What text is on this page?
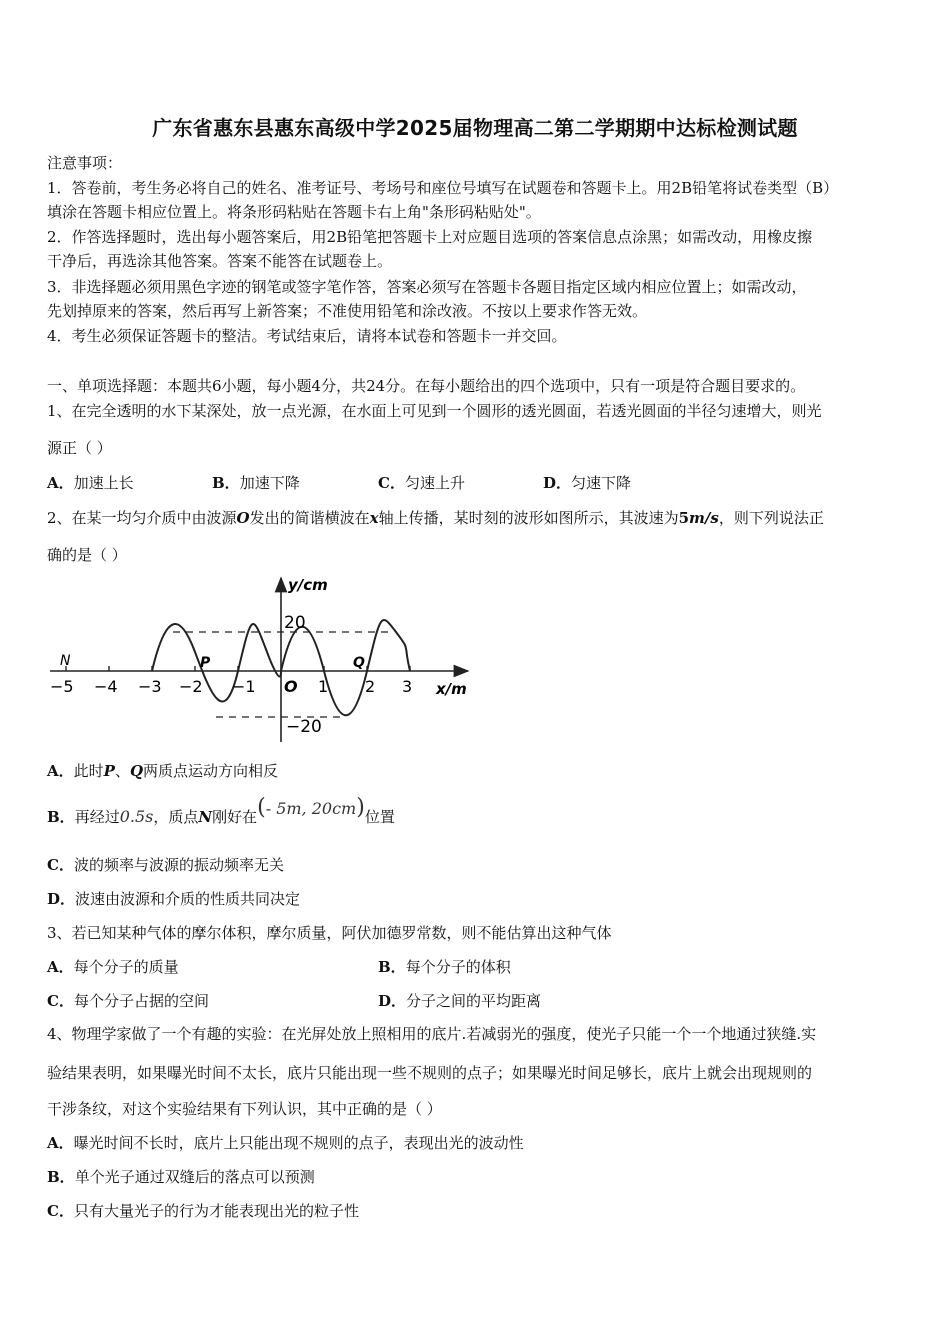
广东省惠东县惠东高级中学2025届物理高二第二学期期中达标检测试题
注意事项：
1．答卷前，考生务必将自己的姓名、准考证号、考场号和座位号填写在试题卷和答题卡上。用2B铅笔将试卷类型（B）
填涂在答题卡相应位置上。将条形码粘贴在答题卡右上角"条形码粘贴处"。
2．作答选择题时，选出每小题答案后，用2B铅笔把答题卡上对应题目选项的答案信息点涂黑；如需改动，用橡皮擦
干净后，再选涂其他答案。答案不能答在试题卷上。
3．非选择题必须用黑色字迹的钢笔或签字笔作答，答案必须写在答题卡各题目指定区域内相应位置上；如需改动，
先划掉原来的答案，然后再写上新答案；不准使用铅笔和涂改液。不按以上要求作答无效。
4．考生必须保证答题卡的整洁。考试结束后，请将本试卷和答题卡一并交回。
一、单项选择题：本题共6小题，每小题4分，共24分。在每小题给出的四个选项中，只有一项是符合题目要求的。
1、在完全透明的水下某深处，放一点光源，在水面上可见到一个圆形的透光圆面，若透光圆面的半径匀速增大，则光
源正（ ）
A．加速上长	B．加速下降	C．匀速上升	D．匀速下降
2、在某一均匀介质中由波源O发出的简谐横波在x轴上传播，某时刻的波形如图所示，其波速为5m/s，则下列说法正
确的是（ ）
y/cm
x/m
20
−20
O
N	P	Q
−5 −4 −3 −2 −1	1 2 3
A．此时P、Q两质点运动方向相反
B．再经过0.5s，质点N刚好在(- 5m, 20cm)位置
C．波的频率与波源的振动频率无关
D．波速由波源和介质的性质共同决定
3、若已知某种气体的摩尔体积，摩尔质量，阿伏加德罗常数，则不能估算出这种气体
A．每个分子的质量	B．每个分子的体积
C．每个分子占据的空间	D．分子之间的平均距离
4、物理学家做了一个有趣的实验：在光屏处放上照相用的底片.若减弱光的强度，使光子只能一个一个地通过狭缝.实
验结果表明，如果曝光时间不太长，底片只能出现一些不规则的点子；如果曝光时间足够长，底片上就会出现规则的
干涉条纹，对这个实验结果有下列认识，其中正确的是（ ）
A．曝光时间不长时，底片上只能出现不规则的点子，表现出光的波动性
B．单个光子通过双缝后的落点可以预测
C．只有大量光子的行为才能表现出光的粒子性
